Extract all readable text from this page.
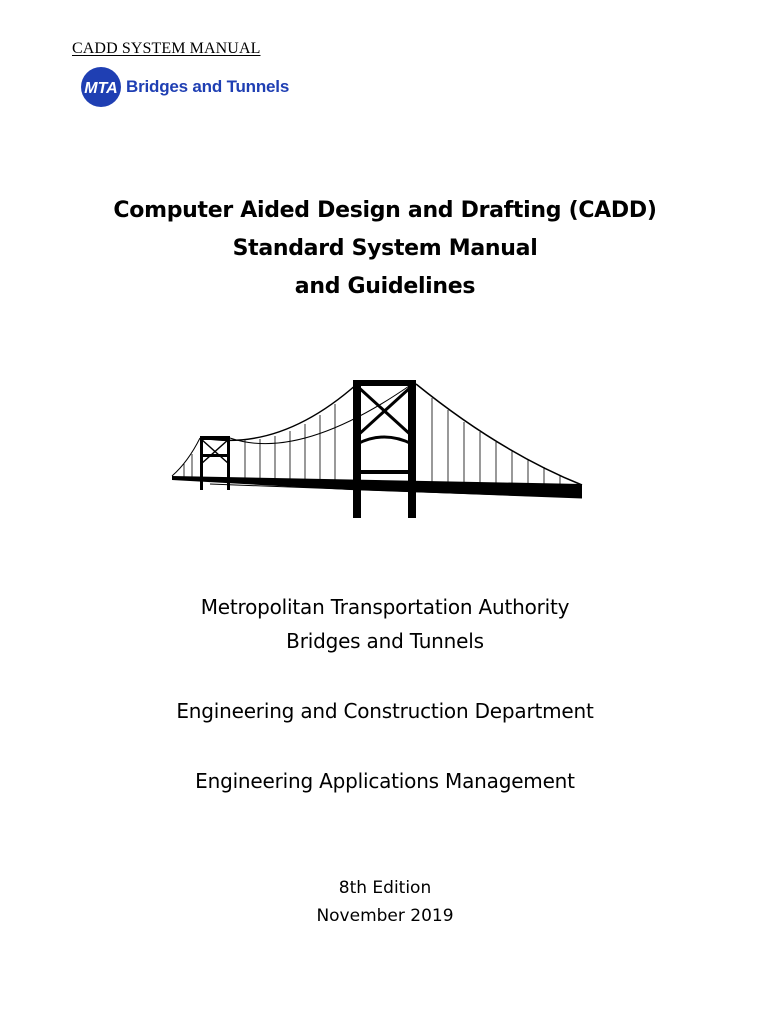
CADD SYSTEM MANUAL
MTA Bridges and Tunnels
Computer Aided Design and Drafting (CADD)
Standard System Manual
and Guidelines
Metropolitan Transportation Authority
Bridges and Tunnels
Engineering and Construction Department
Engineering Applications Management
8th Edition
November 2019
